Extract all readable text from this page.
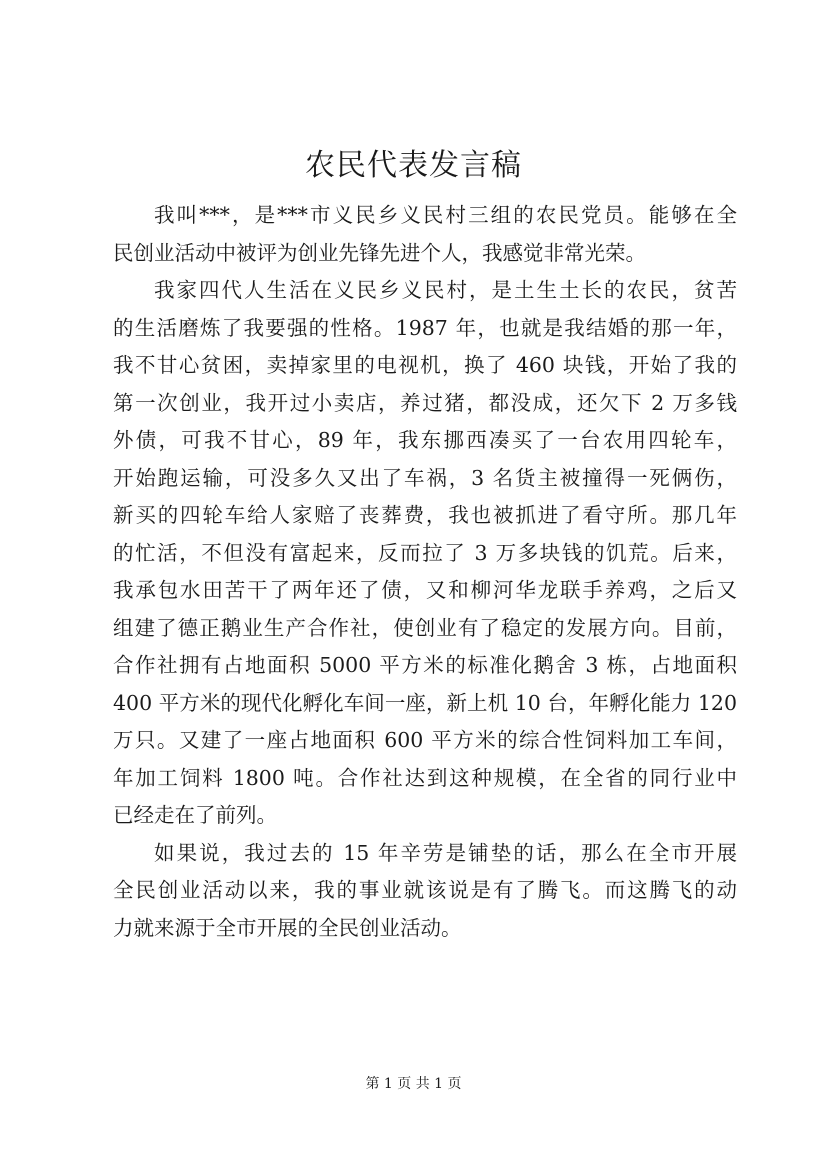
农民代表发言稿
我叫***，是***市义民乡义民村三组的农民党员。能够在全
民创业活动中被评为创业先锋先进个人，我感觉非常光荣。
我家四代人生活在义民乡义民村，是土生土长的农民，贫苦
的生活磨炼了我要强的性格。1987 年，也就是我结婚的那一年，
我不甘心贫困，卖掉家里的电视机，换了 460 块钱，开始了我的
第一次创业，我开过小卖店，养过猪，都没成，还欠下 2 万多钱
外债，可我不甘心，89 年，我东挪西凑买了一台农用四轮车，
开始跑运输，可没多久又出了车祸，3 名货主被撞得一死俩伤，
新买的四轮车给人家赔了丧葬费，我也被抓进了看守所。那几年
的忙活，不但没有富起来，反而拉了 3 万多块钱的饥荒。后来，
我承包水田苦干了两年还了债，又和柳河华龙联手养鸡，之后又
组建了德正鹅业生产合作社，使创业有了稳定的发展方向。目前，
合作社拥有占地面积 5000 平方米的标准化鹅舍 3 栋，占地面积
400 平方米的现代化孵化车间一座，新上机 10 台，年孵化能力 120
万只。又建了一座占地面积 600 平方米的综合性饲料加工车间，
年加工饲料 1800 吨。合作社达到这种规模，在全省的同行业中
已经走在了前列。
如果说，我过去的 15 年辛劳是铺垫的话，那么在全市开展
全民创业活动以来，我的事业就该说是有了腾飞。而这腾飞的动
力就来源于全市开展的全民创业活动。
第 1 页 共 1 页
